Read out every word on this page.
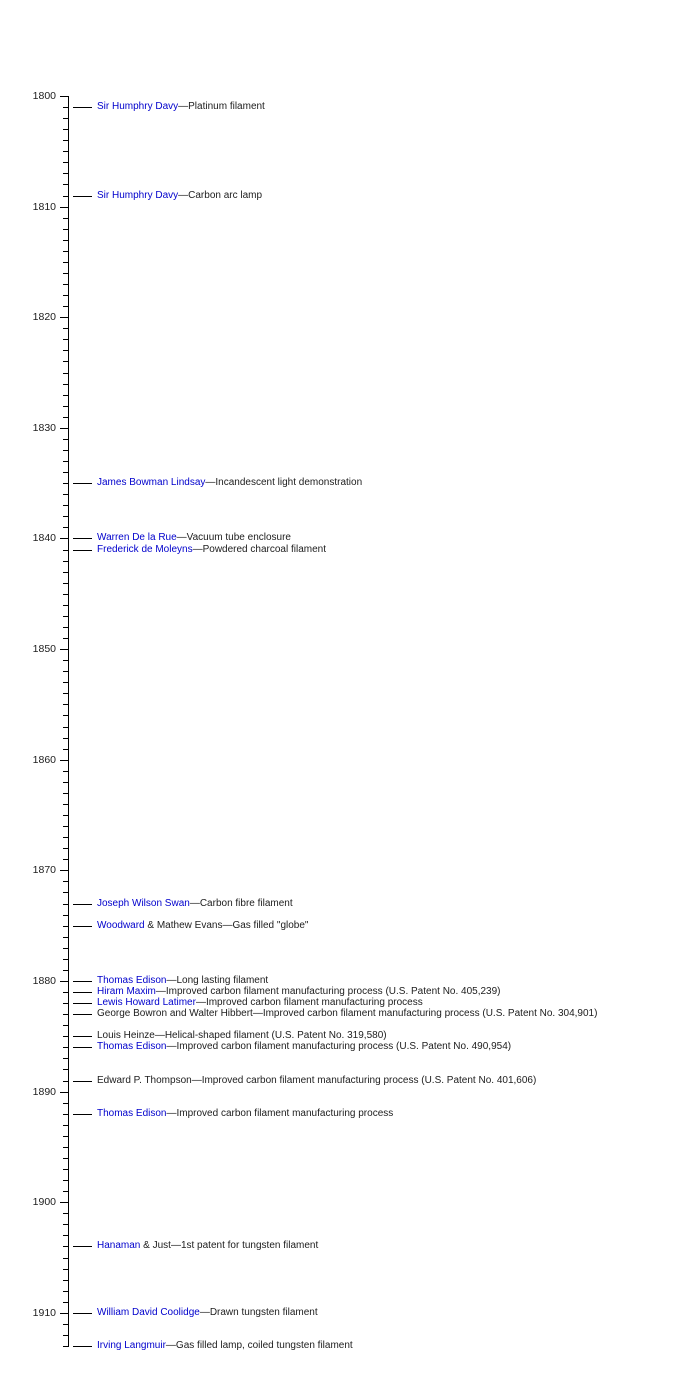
1800
1810
1820
1830
1840
1850
1860
1870
1880
1890
1900
1910
Sir Humphry Davy—Platinum filament
Sir Humphry Davy—Carbon arc lamp
James Bowman Lindsay—Incandescent light demonstration
Warren De la Rue—Vacuum tube enclosure
Frederick de Moleyns—Powdered charcoal filament
Joseph Wilson Swan—Carbon fibre filament
Woodward & Mathew Evans—Gas filled "globe"
Thomas Edison—Long lasting filament
Hiram Maxim—Improved carbon filament manufacturing process (U.S. Patent No. 405,239)
Lewis Howard Latimer—Improved carbon filament manufacturing process
George Bowron and Walter Hibbert—Improved carbon filament manufacturing process (U.S. Patent No. 304,901)
Louis Heinze—Helical-shaped filament (U.S. Patent No. 319,580)
Thomas Edison—Improved carbon filament manufacturing process (U.S. Patent No. 490,954)
Edward P. Thompson—Improved carbon filament manufacturing process (U.S. Patent No. 401,606)
Thomas Edison—Improved carbon filament manufacturing process
Hanaman & Just—1st patent for tungsten filament
William David Coolidge—Drawn tungsten filament
Irving Langmuir—Gas filled lamp, coiled tungsten filament
